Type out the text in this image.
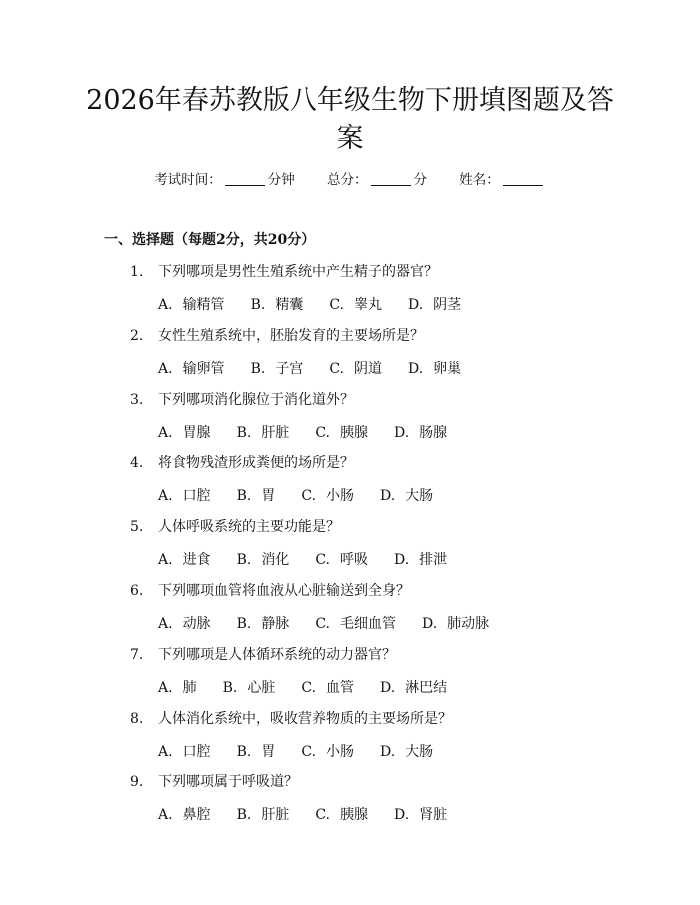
2026年春苏教版八年级生物下册填图题及答案
考试时间：	分钟 总分：	分 姓名：
一、选择题（每题2分，共20分）
1. 下列哪项是男性生殖系统中产生精子的器官？
A. 输精管 B. 精囊 C. 睾丸 D. 阴茎
2. 女性生殖系统中，胚胎发育的主要场所是？
A. 输卵管 B. 子宫 C. 阴道 D. 卵巢
3. 下列哪项消化腺位于消化道外？
A. 胃腺 B. 肝脏 C. 胰腺 D. 肠腺
4. 将食物残渣形成粪便的场所是？
A. 口腔 B. 胃 C. 小肠 D. 大肠
5. 人体呼吸系统的主要功能是？
A. 进食 B. 消化 C. 呼吸 D. 排泄
6. 下列哪项血管将血液从心脏输送到全身？
A. 动脉 B. 静脉 C. 毛细血管 D. 肺动脉
7. 下列哪项是人体循环系统的动力器官？
A. 肺 B. 心脏 C. 血管 D. 淋巴结
8. 人体消化系统中，吸收营养物质的主要场所是？
A. 口腔 B. 胃 C. 小肠 D. 大肠
9. 下列哪项属于呼吸道？
A. 鼻腔 B. 肝脏 C. 胰腺 D. 肾脏
